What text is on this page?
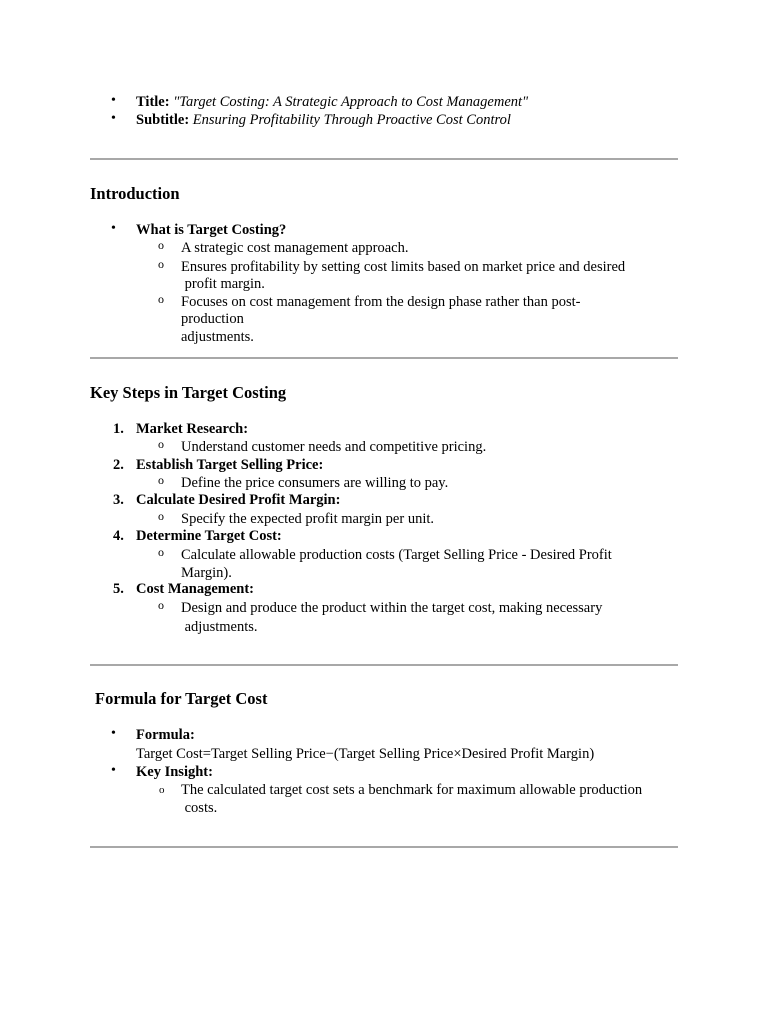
• Title: "Target Costing: A Strategic Approach to Cost Management"
• Subtitle: Ensuring Profitability Through Proactive Cost Control
Introduction
• What is Target Costing?
o A strategic cost management approach.
o Ensures profitability by setting cost limits based on market price and desired
profit margin.
o Focuses on cost management from the design phase rather than post-
production
adjustments.
Key Steps in Target Costing
1. Market Research:
o Understand customer needs and competitive pricing.
2. Establish Target Selling Price:
o Define the price consumers are willing to pay.
3. Calculate Desired Profit Margin:
o Specify the expected profit margin per unit.
4. Determine Target Cost:
o Calculate allowable production costs (Target Selling Price - Desired Profit
Margin).
5. Cost Management:
o Design and produce the product within the target cost, making necessary
adjustments.
Formula for Target Cost
• Formula:
Target Cost=Target Selling Price−(Target Selling Price×Desired Profit Margin)
• Key Insight:
o The calculated target cost sets a benchmark for maximum allowable production
costs.
